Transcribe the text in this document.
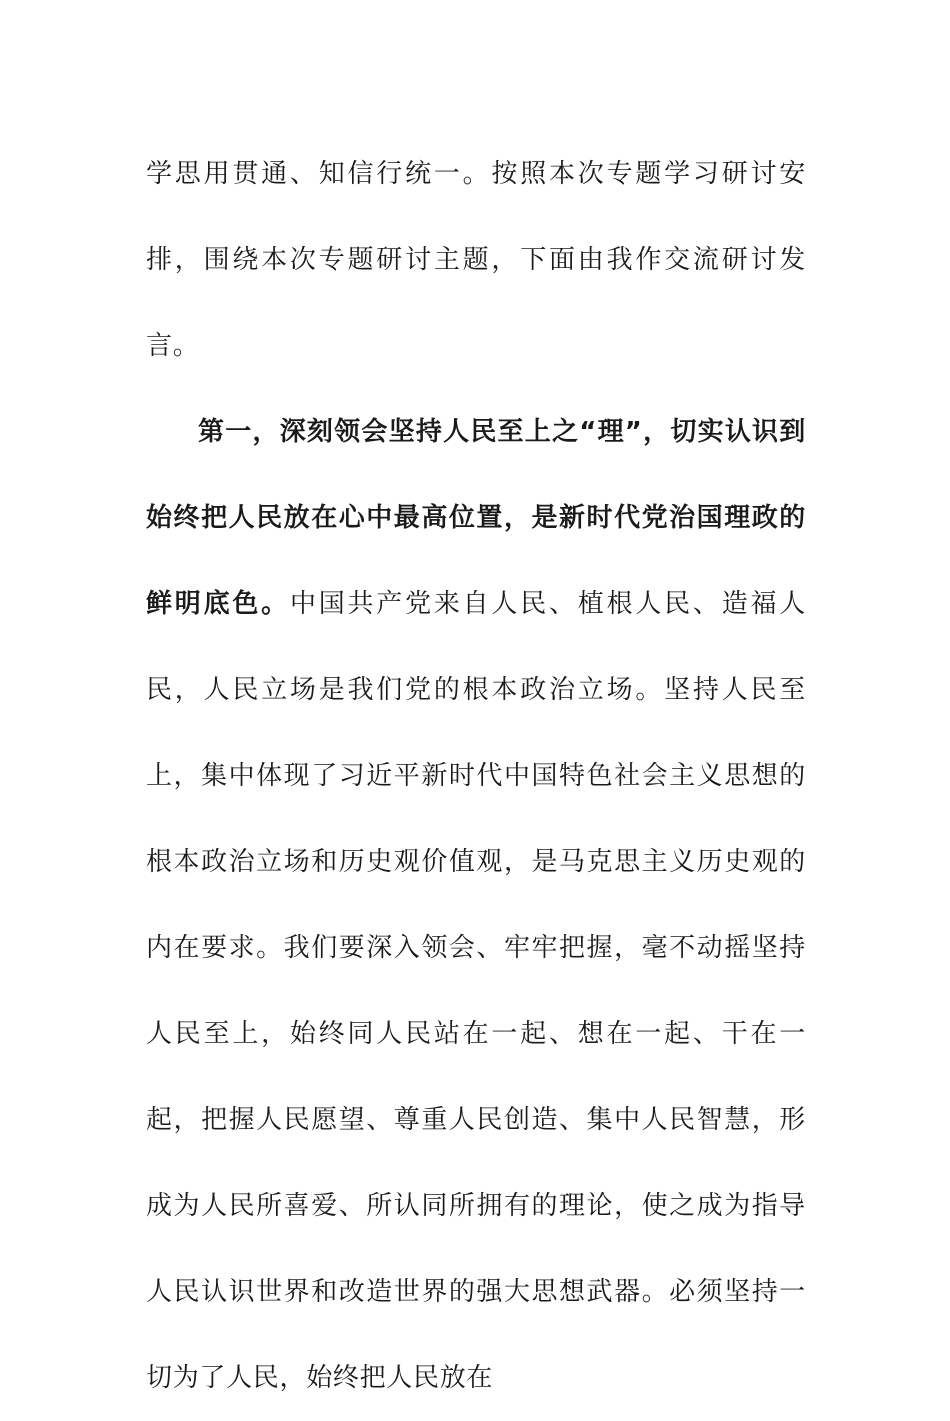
学思用贯通、知信行统一。按照本次专题学习研讨安排，围绕本次专题研讨主题，下面由我作交流研讨发言。

第一，深刻领会坚持人民至上之“理”，切实认识到始终把人民放在心中最高位置，是新时代党治国理政的鲜明底色。中国共产党来自人民、植根人民、造福人民，人民立场是我们党的根本政治立场。坚持人民至上，集中体现了习近平新时代中国特色社会主义思想的根本政治立场和历史观价值观，是马克思主义历史观的内在要求。我们要深入领会、牢牢把握，毫不动摇坚持人民至上，始终同人民站在一起、想在一起、干在一起，把握人民愿望、尊重人民创造、集中人民智慧，形成为人民所喜爱、所认同所拥有的理论，使之成为指导人民认识世界和改造世界的强大思想武器。必须坚持一切为了人民，始终把人民放在
